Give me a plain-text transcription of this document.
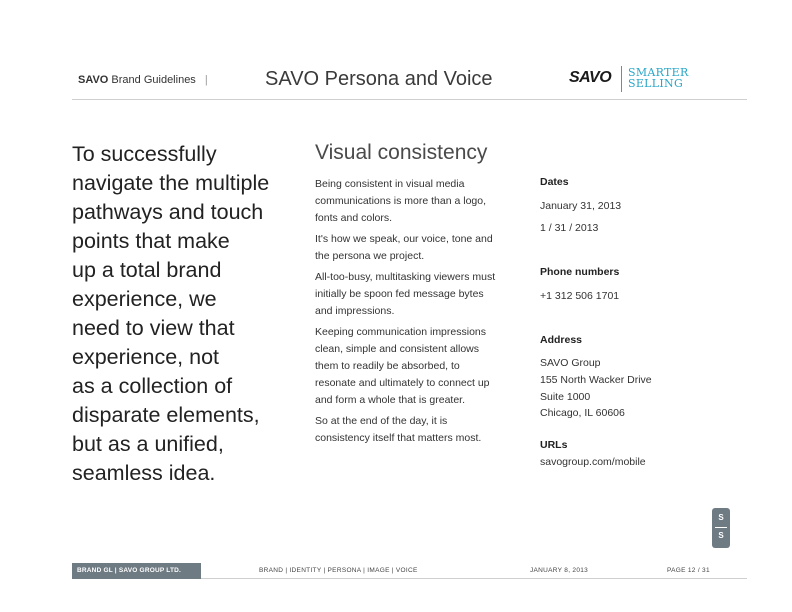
SAVO Brand Guidelines |	SAVO Persona and Voice	SAVO SMARTER
SELLING
To successfully
navigate the multiple
pathways and touch
points that make
up a total brand
experience, we
need to view that
experience, not
as a collection of
disparate elements,
but as a unified,
seamless idea.
Visual consistency

Being consistent in visual media
communications is more than a logo,
fonts and colors.

It's how we speak, our voice, tone and
the persona we project.

All-too-busy, multitasking viewers must
initially be spoon fed message bytes
and impressions.

Keeping communication impressions
clean, simple and consistent allows
them to readily be absorbed, to
resonate and ultimately to connect up
and form a whole that is greater.

So at the end of the day, it is
consistency itself that matters most.

Dates
January 31, 2013
1 / 31 / 2013
Phone numbers
+1 312 506 1701
Address
SAVO Group
155 North Wacker Drive
Suite 1000
Chicago, IL 60606
URLs
savogroup.com/mobile
S
S
BRAND GL | SAVO GROUP LTD.	BRAND | IDENTITY | PERSONA | IMAGE | VOICE	JANUARY 8, 2013	PAGE 12 / 31
